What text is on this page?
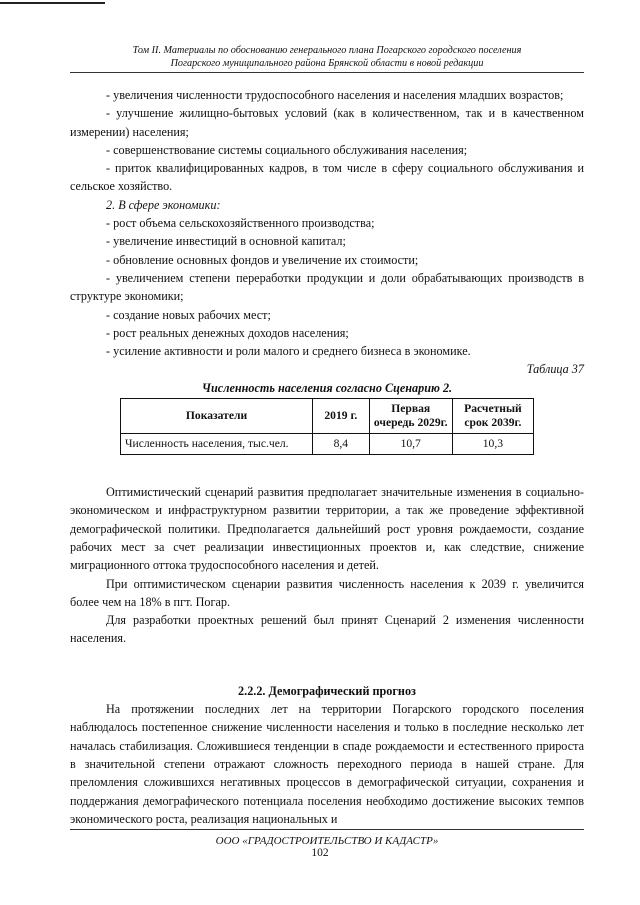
Том II. Материалы по обоснованию генерального плана Погарского городского поселения
Погарского муниципального района Брянской области в новой редакции

- увеличения численности трудоспособного населения и населения младших возрастов;

- улучшение жилищно-бытовых условий (как в количественном, так и в качественном измерении) населения;

- совершенствование системы социального обслуживания населения;

- приток квалифицированных кадров, в том числе в сферу социального обслуживания и сельское хозяйство.

2. В сфере экономики:

- рост объема сельскохозяйственного производства;

- увеличение инвестиций в основной капитал;

- обновление основных фондов и увеличение их стоимости;

- увеличением степени переработки продукции и доли обрабатывающих производств в структуре экономики;

- создание новых рабочих мест;

- рост реальных денежных доходов населения;

- усиление активности и роли малого и среднего бизнеса в экономике.

Таблица 37

Численность населения согласно Сценарию 2.

Показатели	2019 г.	Первая очередь 2029г.	Расчетный срок 2039г.
Численность населения, тыс.чел.	8,4	10,7	10,3

Оптимистический сценарий развития предполагает значительные изменения в социально-экономическом и инфраструктурном развитии территории, а так же проведение эффективной демографической политики. Предполагается дальнейший рост уровня рождаемости, создание рабочих мест за счет реализации инвестиционных проектов и, как следствие, снижение миграционного оттока трудоспособного населения и детей.

При оптимистическом сценарии развития численность населения к 2039 г. увеличится более чем на 18% в пгт. Погар.

Для разработки проектных решений был принят Сценарий 2 изменения численности населения.

2.2.2. Демографический прогноз

На протяжении последних лет на территории Погарского городского поселения наблюдалось постепенное снижение численности населения и только в последние несколько лет началась стабилизация. Сложившиеся тенденции в спаде рождаемости и естественного прироста в значительной степени отражают сложность переходного периода в нашей стране. Для преломления сложившихся негативных процессов в демографической ситуации, сохранения и поддержания демографического потенциала поселения необходимо достижение высоких темпов экономического роста, реализация национальных и

ООО «ГРАДОСТРОИТЕЛЬСТВО И КАДАСТР»
102
